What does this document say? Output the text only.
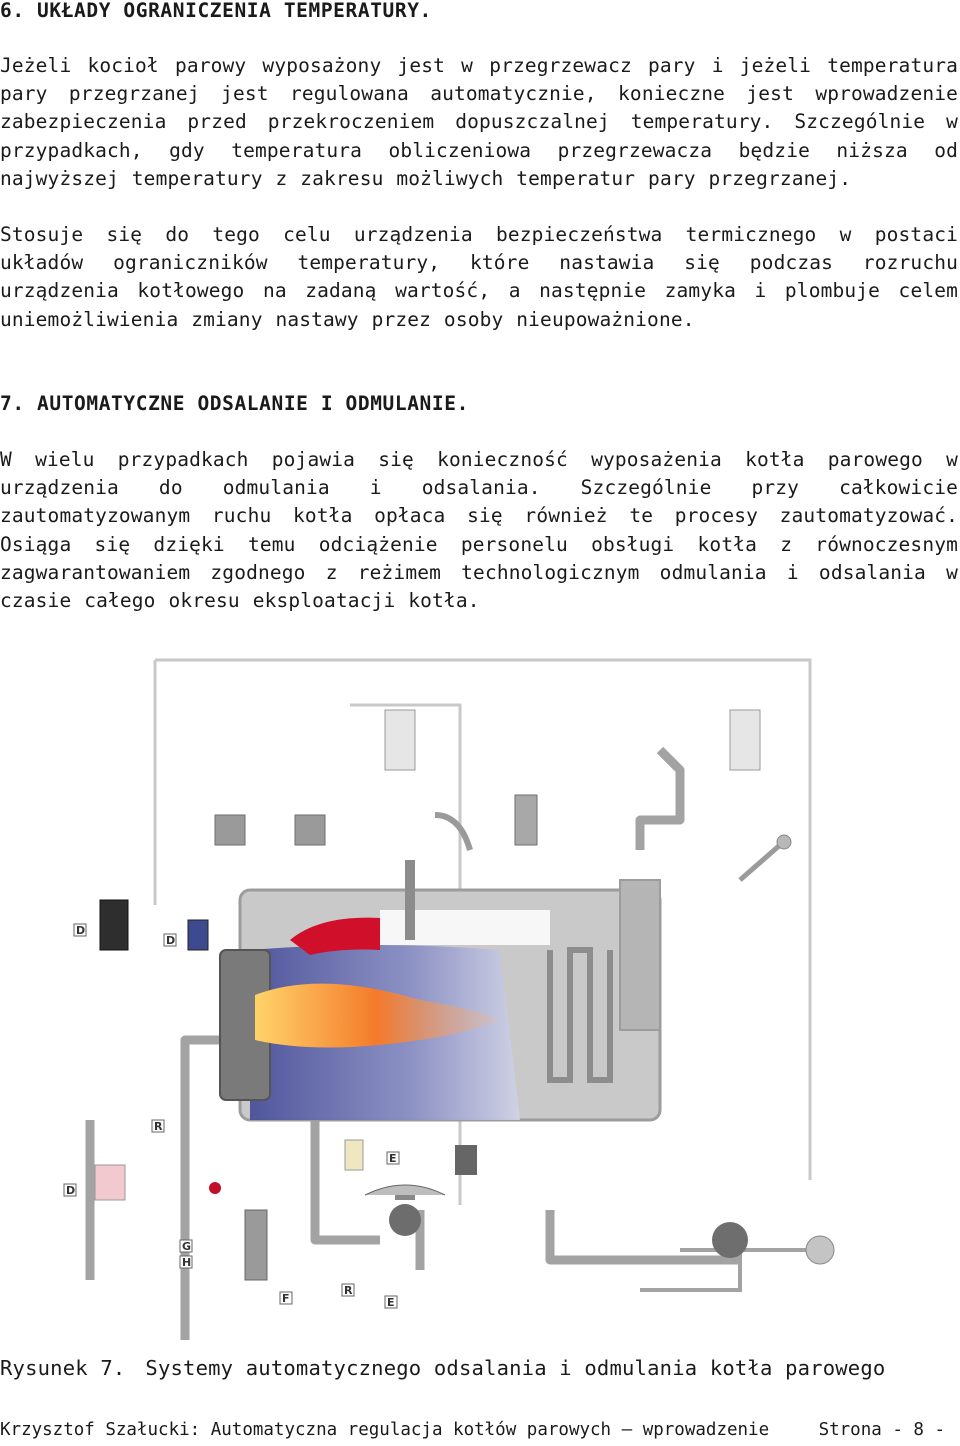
6. UKŁADY OGRANICZENIA TEMPERATURY.

Jeżeli kocioł parowy wyposażony jest w przegrzewacz pary i jeżeli temperatura pary przegrzanej jest regulowana automatycznie, konieczne jest wprowadzenie zabezpieczenia przed przekroczeniem dopuszczalnej temperatury. Szczególnie w przypadkach, gdy temperatura obliczeniowa przegrzewacza będzie niższa od najwyższej temperatury z zakresu możliwych temperatur pary przegrzanej.

Stosuje się do tego celu urządzenia bezpieczeństwa termicznego w postaci układów ograniczników temperatury, które nastawia się podczas rozruchu urządzenia kotłowego na zadaną wartość, a następnie zamyka i plombuje celem uniemożliwienia zmiany nastawy przez osoby nieupoważnione.

7. AUTOMATYCZNE ODSALANIE I ODMULANIE.

W wielu przypadkach pojawia się konieczność wyposażenia kotła parowego w urządzenia do odmulania i odsalania. Szczególnie przy całkowicie zautomatyzowanym ruchu kotła opłaca się również te procesy zautomatyzować. Osiąga się dzięki temu odciążenie personelu obsługi kotła z równoczesnym zagwarantowaniem zgodnego z reżimem technologicznym odmulania i odsalania w czasie całego okresu eksploatacji kotła.

D
D
D
R
R
E
E
F
G
H

Rysunek 7. Systemy automatycznego odsalania i odmulania kotła parowego

Krzysztof Szałucki: Automatyczna regulacja kotłów parowych – wprowadzenie	Strona - 8 -
